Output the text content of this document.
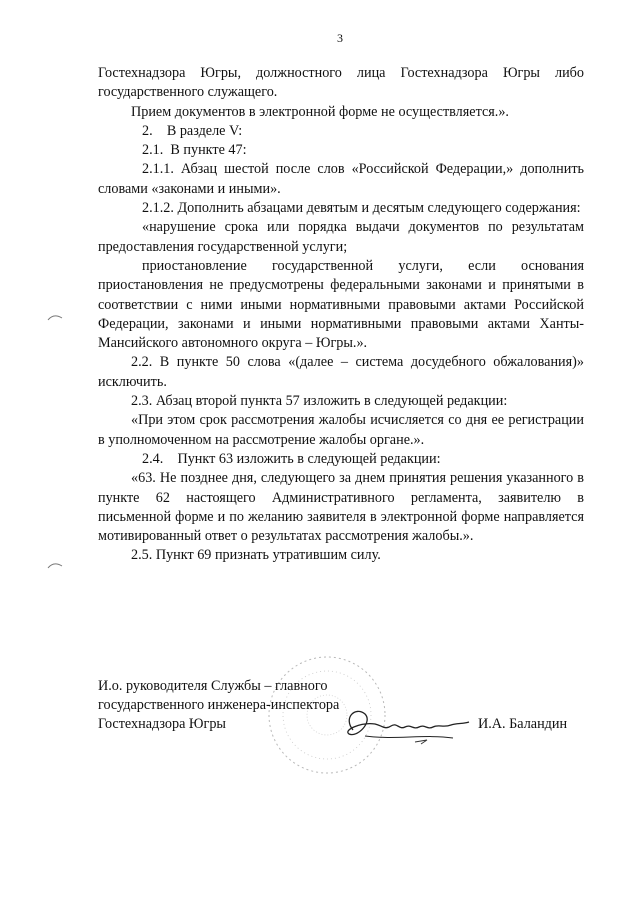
3

Гостехнадзора Югры, должностного лица Гостехнадзора Югры либо государственного служащего.

Прием документов в электронной форме не осуществляется.».

2.    В разделе V:

2.1.  В пункте 47:

2.1.1. Абзац шестой после слов «Российской Федерации,» дополнить словами «законами и иными».

2.1.2. Дополнить абзацами девятым и десятым следующего содержания:

«нарушение срока или порядка выдачи документов по результатам предоставления государственной услуги;

приостановление государственной услуги, если основания приостановления не предусмотрены федеральными законами и принятыми в соответствии с ними иными нормативными правовыми актами Российской Федерации, законами и иными нормативными правовыми актами Ханты-Мансийского автономного округа – Югры.».

2.2. В пункте 50 слова «(далее – система досудебного обжалования)» исключить.

2.3. Абзац второй пункта 57 изложить в следующей редакции:

«При этом срок рассмотрения жалобы исчисляется со дня ее регистрации в уполномоченном на рассмотрение жалобы органе.».

2.4.    Пункт 63 изложить в следующей редакции:

«63. Не позднее дня, следующего за днем принятия решения указанного в пункте 62 настоящего Административного регламента, заявителю в письменной форме и по желанию заявителя в электронной форме направляется мотивированный ответ о результатах рассмотрения жалобы.».

2.5. Пункт 69 признать утратившим силу.

И.о. руководителя Службы – главного
государственного инженера-инспектора
Гостехнадзора Югры	И.А. Баландин
